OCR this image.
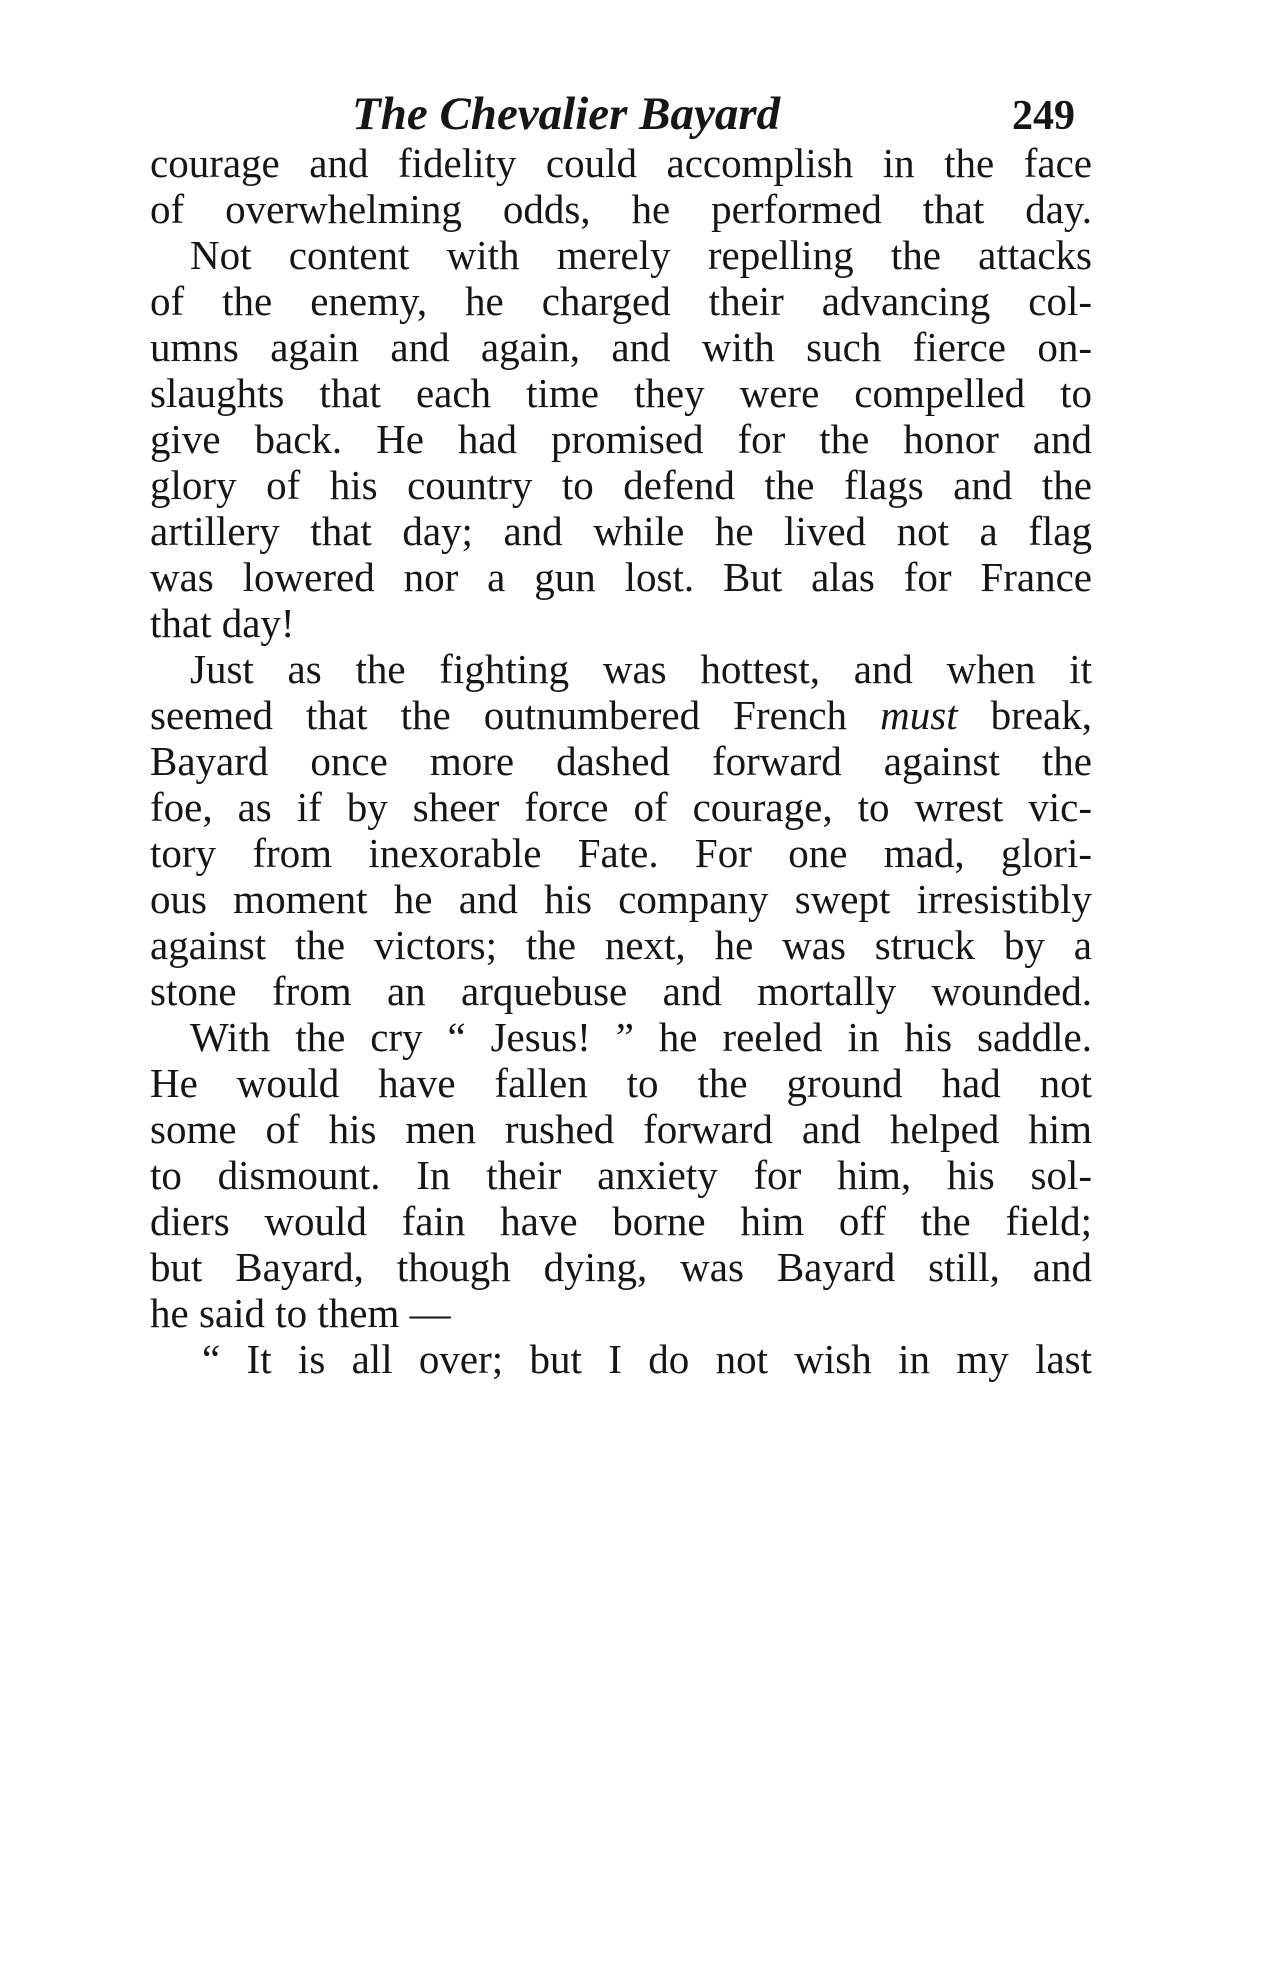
The Chevalier Bayard	249
courage and fidelity could accomplish in the face
of overwhelming odds, he performed that day.
Not content with merely repelling the attacks
of the enemy, he charged their advancing col-
umns again and again, and with such fierce on-
slaughts that each time they were compelled to
give back. He had promised for the honor and
glory of his country to defend the flags and the
artillery that day; and while he lived not a flag
was lowered nor a gun lost. But alas for France
that day!
Just as the fighting was hottest, and when it
seemed that the outnumbered French must break,
Bayard once more dashed forward against the
foe, as if by sheer force of courage, to wrest vic-
tory from inexorable Fate. For one mad, glori-
ous moment he and his company swept irresistibly
against the victors; the next, he was struck by a
stone from an arquebuse and mortally wounded.
With the cry “ Jesus! ” he reeled in his saddle.
He would have fallen to the ground had not
some of his men rushed forward and helped him
to dismount. In their anxiety for him, his sol-
diers would fain have borne him off the field;
but Bayard, though dying, was Bayard still, and
he said to them —
“ It is all over; but I do not wish in my last
